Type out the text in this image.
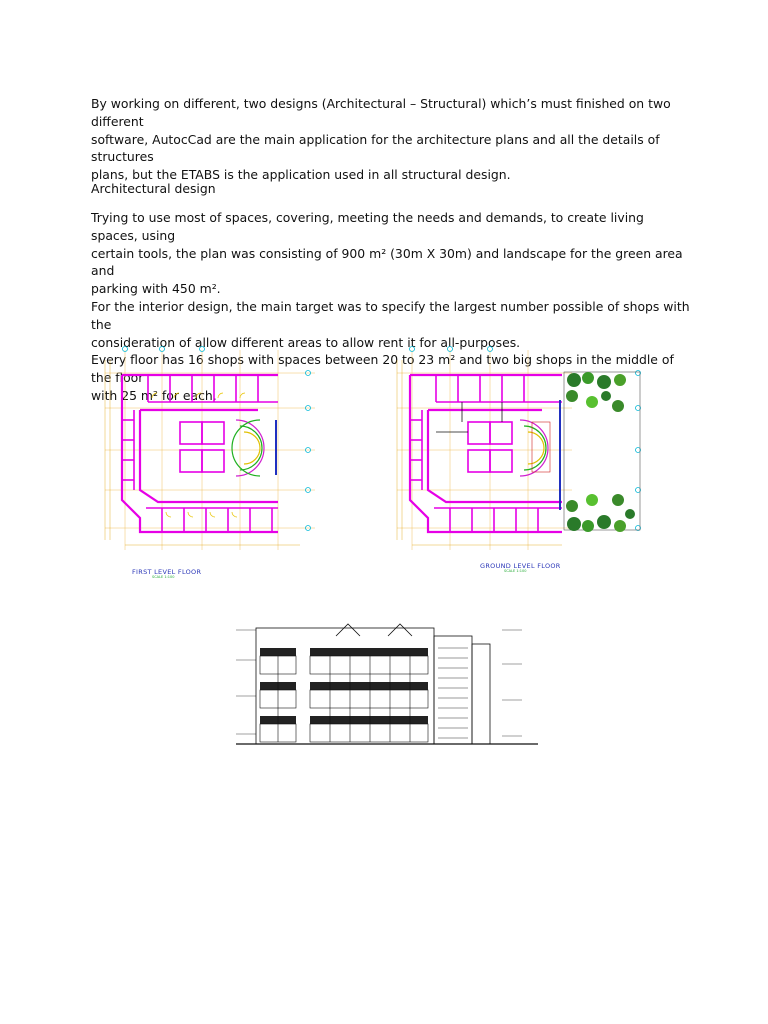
By working on different, two designs (Architectural – Structural) which’s must finished on two different
software, AutocCad are the main application for the architecture plans and all the details of structures
plans, but the ETABS is the application used in all structural design.
Architectural design
Trying to use most of spaces, covering, meeting the needs and demands, to create living spaces, using
certain tools, the plan was consisting of 900 m² (30m X 30m) and landscape for the green area and
parking with 450 m².
For the interior design, the main target was to specify the largest number possible of shops with the
consideration of allow different areas to allow rent it for all-purposes.
Every floor has 16 shops with spaces between 20 to 23 m² and two big shops in the middle of the floor
with 25 m² for each.
FIRST LEVEL FLOOR
SCALE 1:100
GROUND LEVEL FLOOR
SCALE 1:100
